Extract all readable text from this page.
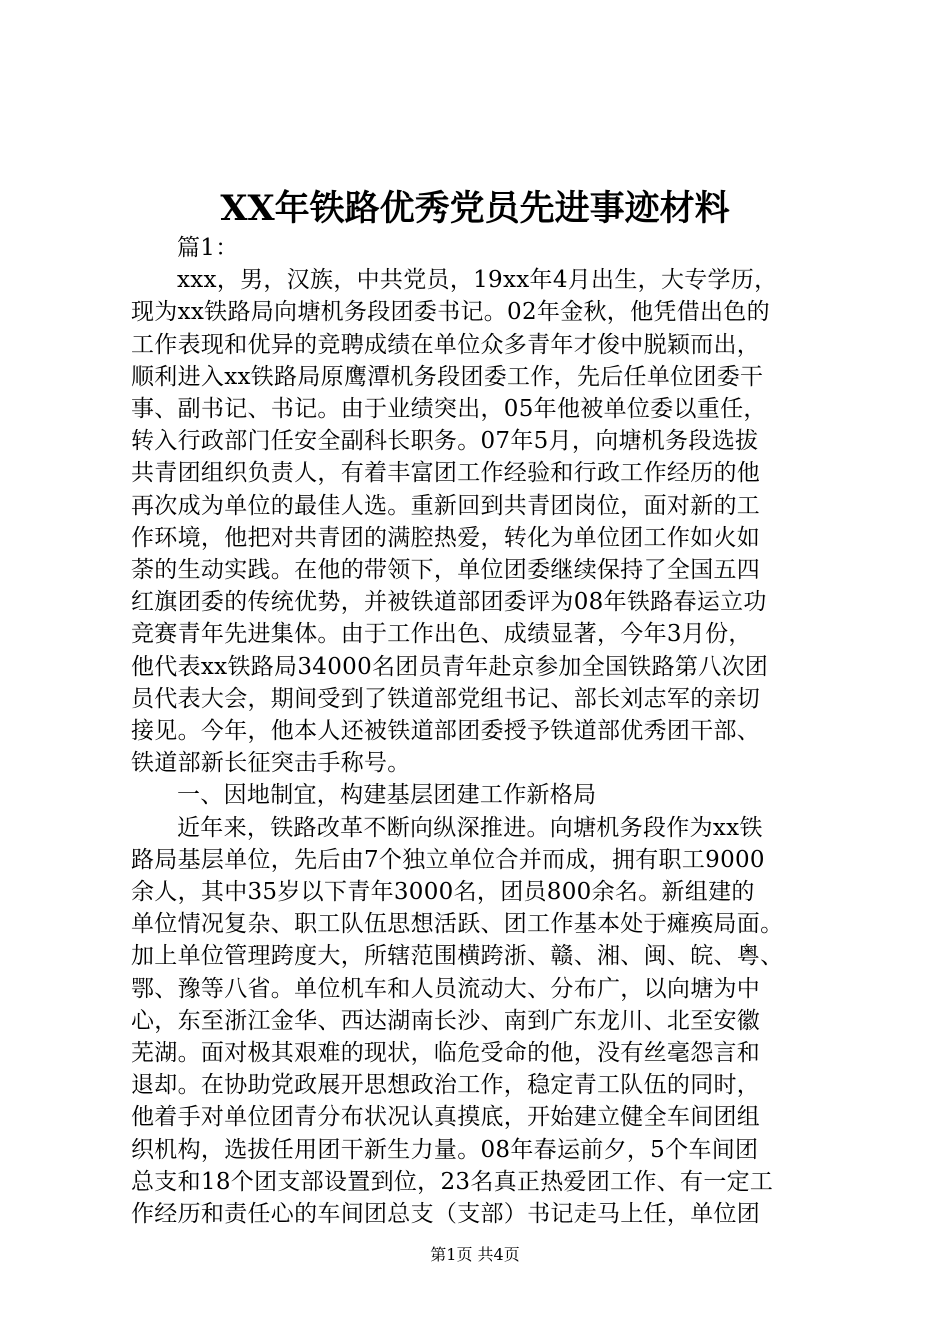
XX年铁路优秀党员先进事迹材料
篇1：
xxx，男，汉族，中共党员，19xx年4月出生，大专学历，
现为xx铁路局向塘机务段团委书记。02年金秋，他凭借出色的
工作表现和优异的竞聘成绩在单位众多青年才俊中脱颖而出，
顺利进入xx铁路局原鹰潭机务段团委工作，先后任单位团委干
事、副书记、书记。由于业绩突出，05年他被单位委以重任，
转入行政部门任安全副科长职务。07年5月，向塘机务段选拔
共青团组织负责人，有着丰富团工作经验和行政工作经历的他
再次成为单位的最佳人选。重新回到共青团岗位，面对新的工
作环境，他把对共青团的满腔热爱，转化为单位团工作如火如
荼的生动实践。在他的带领下，单位团委继续保持了全国五四
红旗团委的传统优势，并被铁道部团委评为08年铁路春运立功
竞赛青年先进集体。由于工作出色、成绩显著，今年3月份，
他代表xx铁路局34000名团员青年赴京参加全国铁路第八次团
员代表大会，期间受到了铁道部党组书记、部长刘志军的亲切
接见。今年，他本人还被铁道部团委授予铁道部优秀团干部、
铁道部新长征突击手称号。
一、因地制宜，构建基层团建工作新格局
近年来，铁路改革不断向纵深推进。向塘机务段作为xx铁
路局基层单位，先后由7个独立单位合并而成，拥有职工9000
余人，其中35岁以下青年3000名，团员800余名。新组建的
单位情况复杂、职工队伍思想活跃、团工作基本处于瘫痪局面。
加上单位管理跨度大，所辖范围横跨浙、赣、湘、闽、皖、粤、
鄂、豫等八省。单位机车和人员流动大、分布广，以向塘为中
心，东至浙江金华、西达湖南长沙、南到广东龙川、北至安徽
芜湖。面对极其艰难的现状，临危受命的他，没有丝毫怨言和
退却。在协助党政展开思想政治工作，稳定青工队伍的同时，
他着手对单位团青分布状况认真摸底，开始建立健全车间团组
织机构，选拔任用团干新生力量。08年春运前夕，5个车间团
总支和18个团支部设置到位，23名真正热爱团工作、有一定工
作经历和责任心的车间团总支（支部）书记走马上任，单位团
第1页 共4页
